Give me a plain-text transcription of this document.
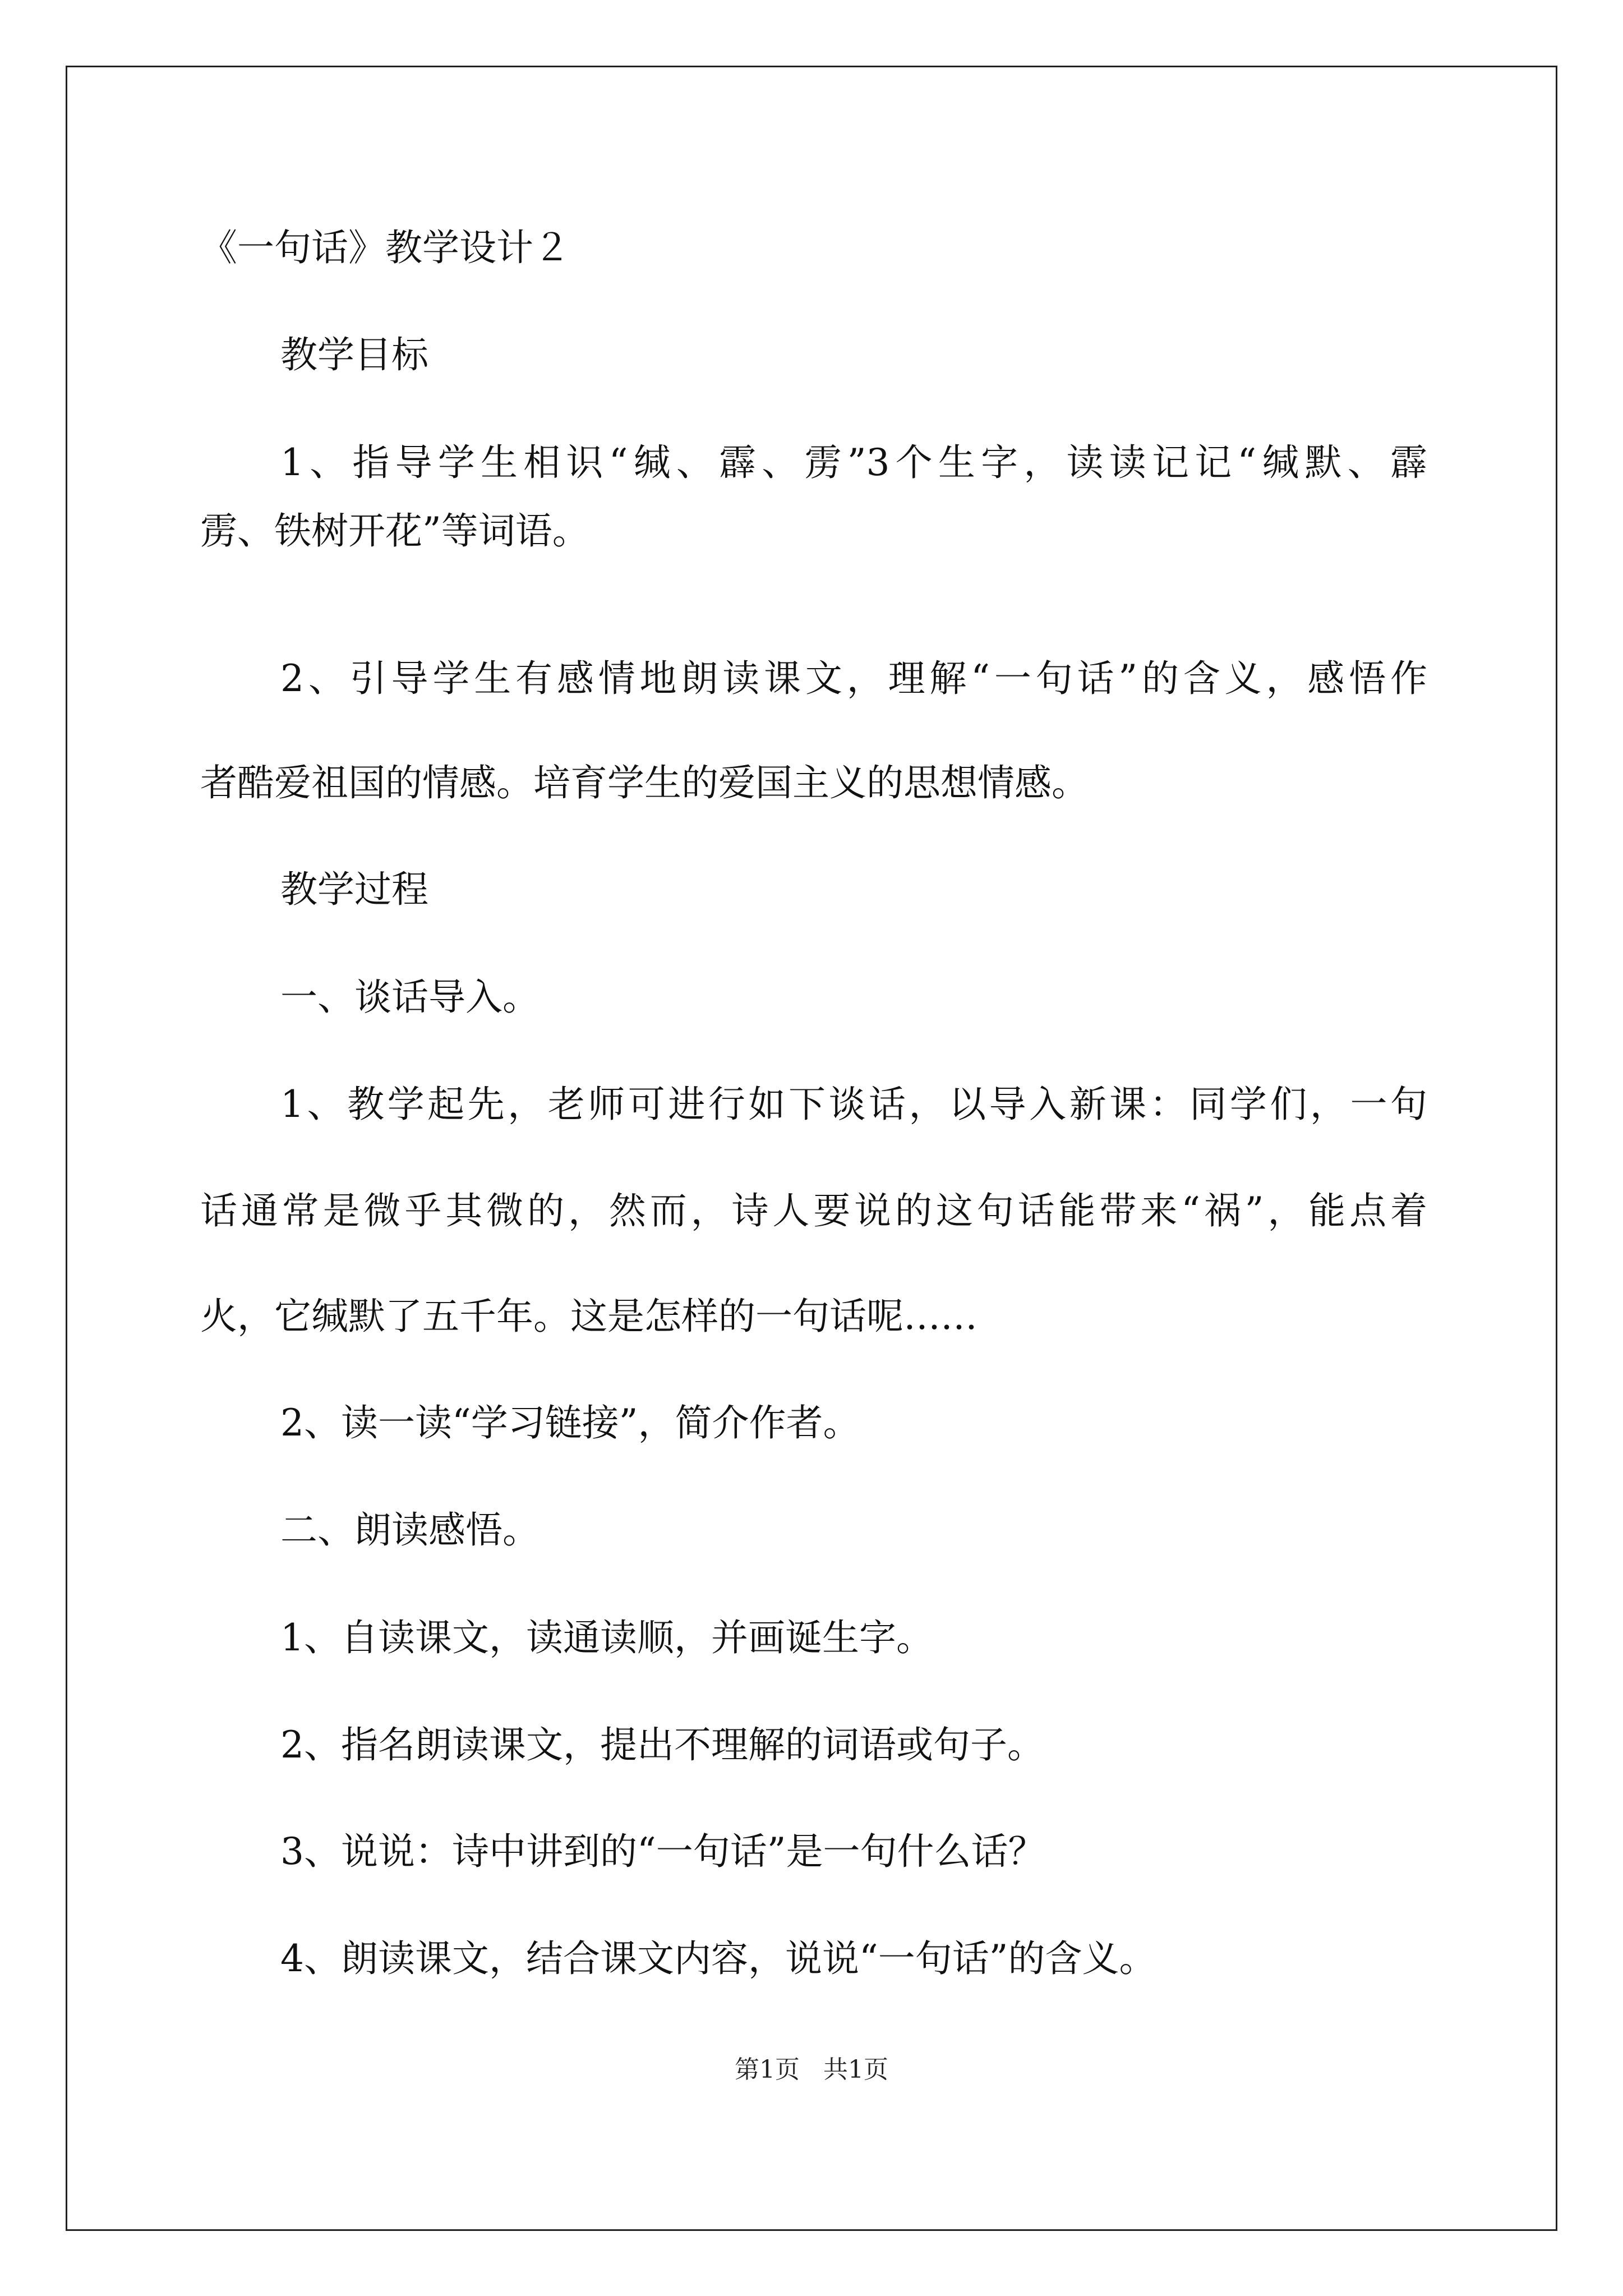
《一句话》教学设计２
教学目标
1、指导学生相识“缄、霹、雳”3个生字，读读记记“缄默、霹
雳、铁树开花”等词语。
2、引导学生有感情地朗读课文，理解“一句话”的含义，感悟作
者酷爱祖国的情感。培育学生的爱国主义的思想情感。
教学过程
一、谈话导入。
1、教学起先，老师可进行如下谈话，以导入新课：同学们，一句
话通常是微乎其微的，然而，诗人要说的这句话能带来“祸”，能点着
火，它缄默了五千年。这是怎样的一句话呢……
2、读一读“学习链接”，简介作者。
二、朗读感悟。
1、自读课文，读通读顺，并画诞生字。
2、指名朗读课文，提出不理解的词语或句子。
3、说说：诗中讲到的“一句话”是一句什么话？
4、朗读课文，结合课文内容，说说“一句话”的含义。
第1页   共1页
